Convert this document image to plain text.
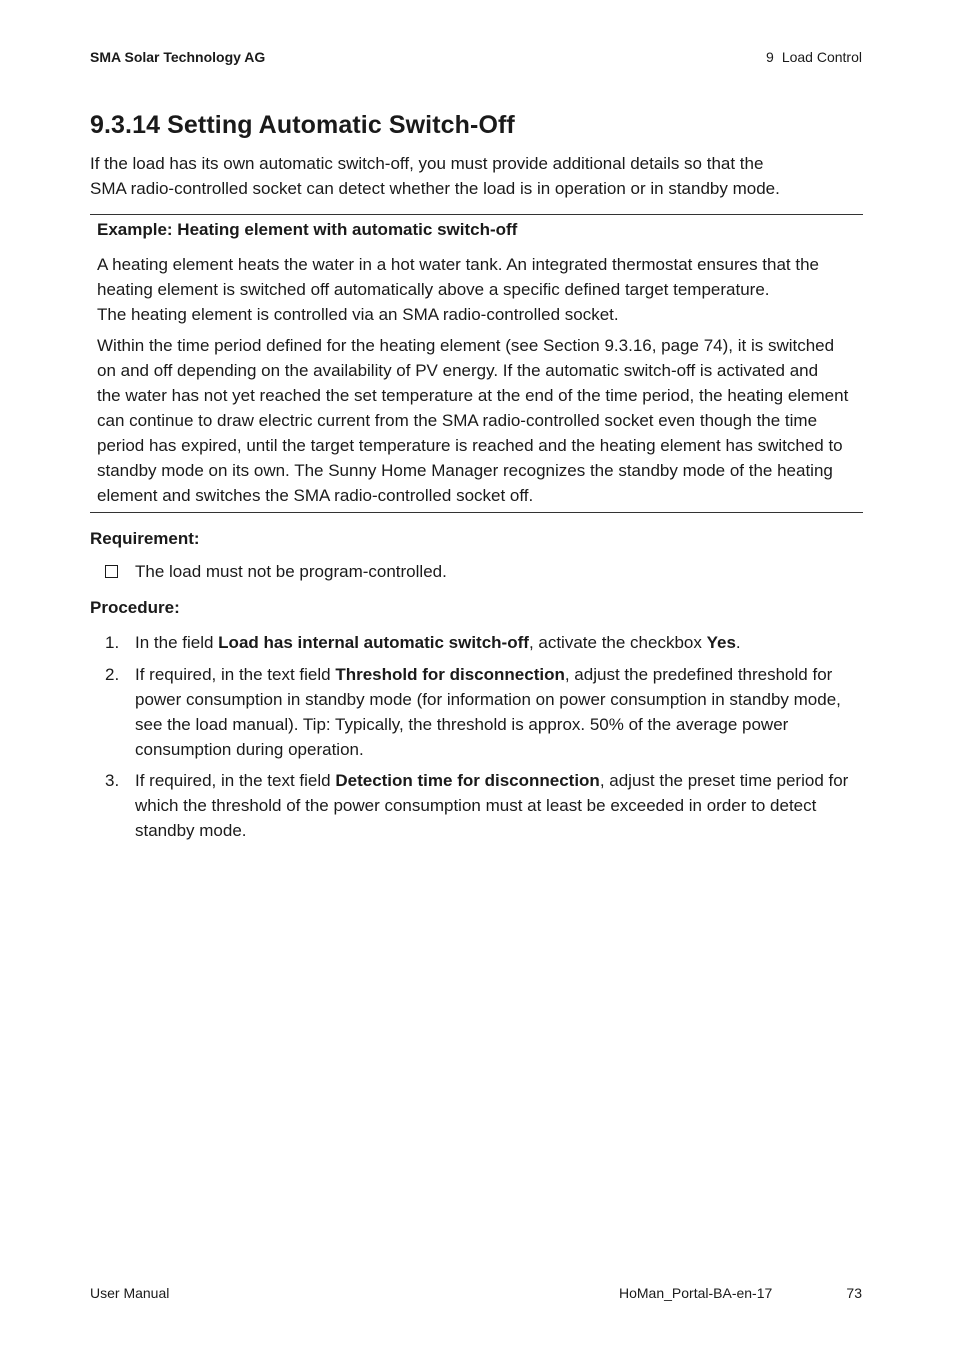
SMA Solar Technology AG	9 Load Control
9.3.14 Setting Automatic Switch-Off

If the load has its own automatic switch-off, you must provide additional details so that the
SMA radio-controlled socket can detect whether the load is in operation or in standby mode.

Example: Heating element with automatic switch-off

A heating element heats the water in a hot water tank. An integrated thermostat ensures that the
heating element is switched off automatically above a specific defined target temperature.
The heating element is controlled via an SMA radio-controlled socket.

Within the time period defined for the heating element (see Section 9.3.16, page 74), it is switched
on and off depending on the availability of PV energy. If the automatic switch-off is activated and
the water has not yet reached the set temperature at the end of the time period, the heating element
can continue to draw electric current from the SMA radio-controlled socket even though the time
period has expired, until the target temperature is reached and the heating element has switched to
standby mode on its own. The Sunny Home Manager recognizes the standby mode of the heating
element and switches the SMA radio-controlled socket off.

Requirement:
The load must not be program-controlled.
Procedure:
1. In the field Load has internal automatic switch-off, activate the checkbox Yes.
2. If required, in the text field Threshold for disconnection, adjust the predefined threshold for power consumption in standby mode (for information on power consumption in standby mode, see the load manual). Tip: Typically, the threshold is approx. 50% of the average power consumption during operation.
3. If required, in the text field Detection time for disconnection, adjust the preset time period for which the threshold of the power consumption must at least be exceeded in order to detect standby mode.
User Manual	HoMan_Portal-BA-en-17	73
